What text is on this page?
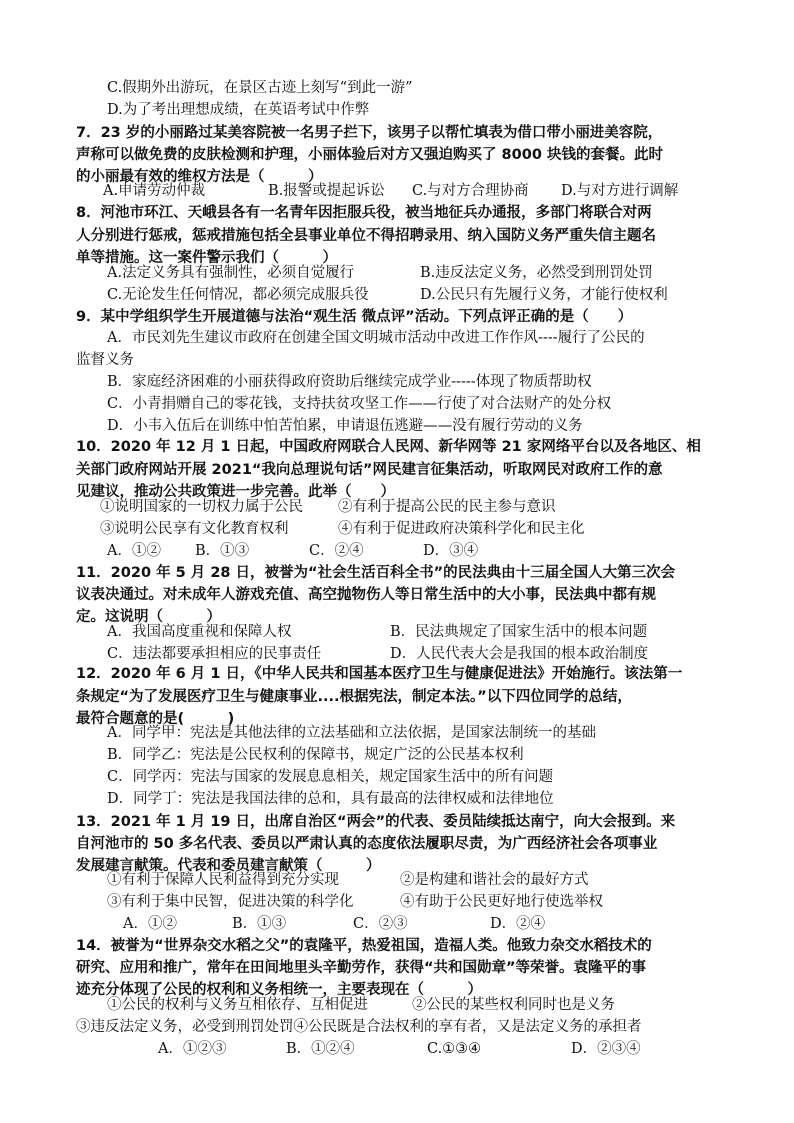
C.假期外出游玩，在景区古迹上刻写“到此一游”
D.为了考出理想成绩，在英语考试中作弊
7．23 岁的小丽路过某美容院被一名男子拦下，该男子以帮忙填表为借口带小丽进美容院，
声称可以做免费的皮肤检测和护理，小丽体验后对方又强迫购买了 8000 块钱的套餐。此时
的小丽最有效的维权方法是（　　　）
A.申请劳动仲裁	B.报警或提起诉讼 C.与对方合理协商 D.与对方进行调解
8．河池市环江、天峨县各有一名青年因拒服兵役，被当地征兵办通报，多部门将联合对两
人分别进行惩戒，惩戒措施包括全县事业单位不得招聘录用、纳入国防义务严重失信主题名
单等措施。这一案件警示我们（　　　）
A.法定义务具有强制性，必须自觉履行	B.违反法定义务，必然受到刑罚处罚
C.无论发生任何情况，都必须完成服兵役	D.公民只有先履行义务，才能行使权利
9．某中学组织学生开展道德与法治“观生活 微点评”活动。下列点评正确的是（　　）
A．市民刘先生建议市政府在创建全国文明城市活动中改进工作作风----履行了公民的
监督义务
B．家庭经济困难的小丽获得政府资助后继续完成学业-----体现了物质帮助权
C．小青捐赠自己的零花钱，支持扶贫攻坚工作——行使了对合法财产的处分权
D．小韦入伍后在训练中怕苦怕累，申请退伍逃避——没有履行劳动的义务
10．2020 年 12 月 1 日起，中国政府网联合人民网、新华网等 21 家网络平台以及各地区、相
关部门政府网站开展 2021“我向总理说句话”网民建言征集活动，听取网民对政府工作的意
见建议，推动公共政策进一步完善。此举（　　）
①说明国家的一切权力属于公民 ②有利于提高公民的民主参与意识
③说明公民享有文化教育权利	④有利于促进政府决策科学化和民主化
A．①② B．①③	C．②④	D．③④
11．2020 年 5 月 28 日，被誉为“社会生活百科全书”的民法典由十三届全国人大第三次会
议表决通过。对未成年人游戏充值、高空抛物伤人等日常生活中的大小事，民法典中都有规
定。这说明（　　　）
A．我国高度重视和保障人权	B．民法典规定了国家生活中的根本问题
C．违法都要承担相应的民事责任	D．人民代表大会是我国的根本政治制度
12．2020 年 6 月 1 日，《中华人民共和国基本医疗卫生与健康促进法》开始施行。该法第一
条规定“为了发展医疗卫生与健康事业....根据宪法，制定本法。”以下四位同学的总结，
最符合题意的是(　　　)
A．同学甲：宪法是其他法律的立法基础和立法依据，是国家法制统一的基础
B．同学乙：宪法是公民权利的保障书，规定广泛的公民基本权利
C．同学丙：宪法与国家的发展息息相关，规定国家生活中的所有问题
D．同学丁：宪法是我国法律的总和，具有最高的法律权威和法律地位
13．2021 年 1 月 19 日，出席自治区“两会”的代表、委员陆续抵达南宁，向大会报到。来
自河池市的 50 多名代表、委员以严肃认真的态度依法履职尽责，为广西经济社会各项事业
发展建言献策。代表和委员建言献策（　　　）
①有利于保障人民利益得到充分实现	②是构建和谐社会的最好方式
③有利于集中民智，促进决策的科学化	④有助于公民更好地行使选举权
A．①②	B．①③	C．②③	D．②④
14．被誉为“世界杂交水稻之父”的袁隆平，热爱祖国，造福人类。他致力杂交水稻技术的
研究、应用和推广，常年在田间地里头辛勤劳作，获得“共和国勋章”等荣誉。袁隆平的事
迹充分体现了公民的权利和义务相统一，主要表现在（　　　）
①公民的权利与义务互相依存、互相促进	②公民的某些权利同时也是义务
③违反法定义务，必受到刑罚处罚④公民既是合法权利的享有者，又是法定义务的承担者
A．①②③	B．①②④	C.①③④	D．②③④
